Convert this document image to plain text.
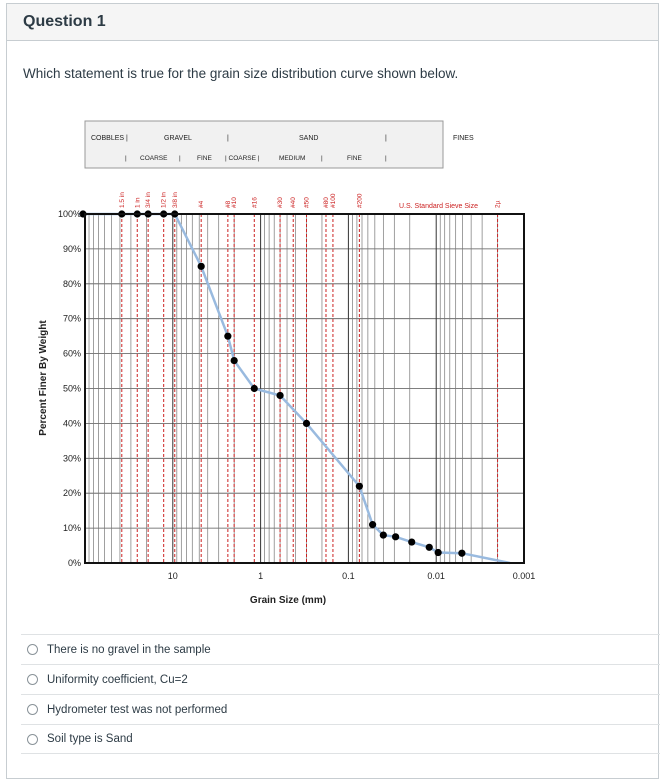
Question 1
Which statement is true for the grain size distribution curve shown below.
COBBLES |	GRAVEL	|	SAND	|	FINES
| COARSE |	FINE | COARSE |	MEDIUM |	FINE	|
1.5 in 1 in 3/4 in 1/2 in 3/8 in	#4	#8 #10 #16	#30 #40 #50 #80 #100	#200	2µ
0%
10%
20%
30%
40%
50%
60%
70%
80%
90%
100%
10	1	0.1	0.01	0.001
U.S. Standard Sieve Size
Grain Size (mm)
Percent Finer By Weight
There is no gravel in the sample
Uniformity coefficient, Cu=2
Hydrometer test was not performed
Soil type is Sand
